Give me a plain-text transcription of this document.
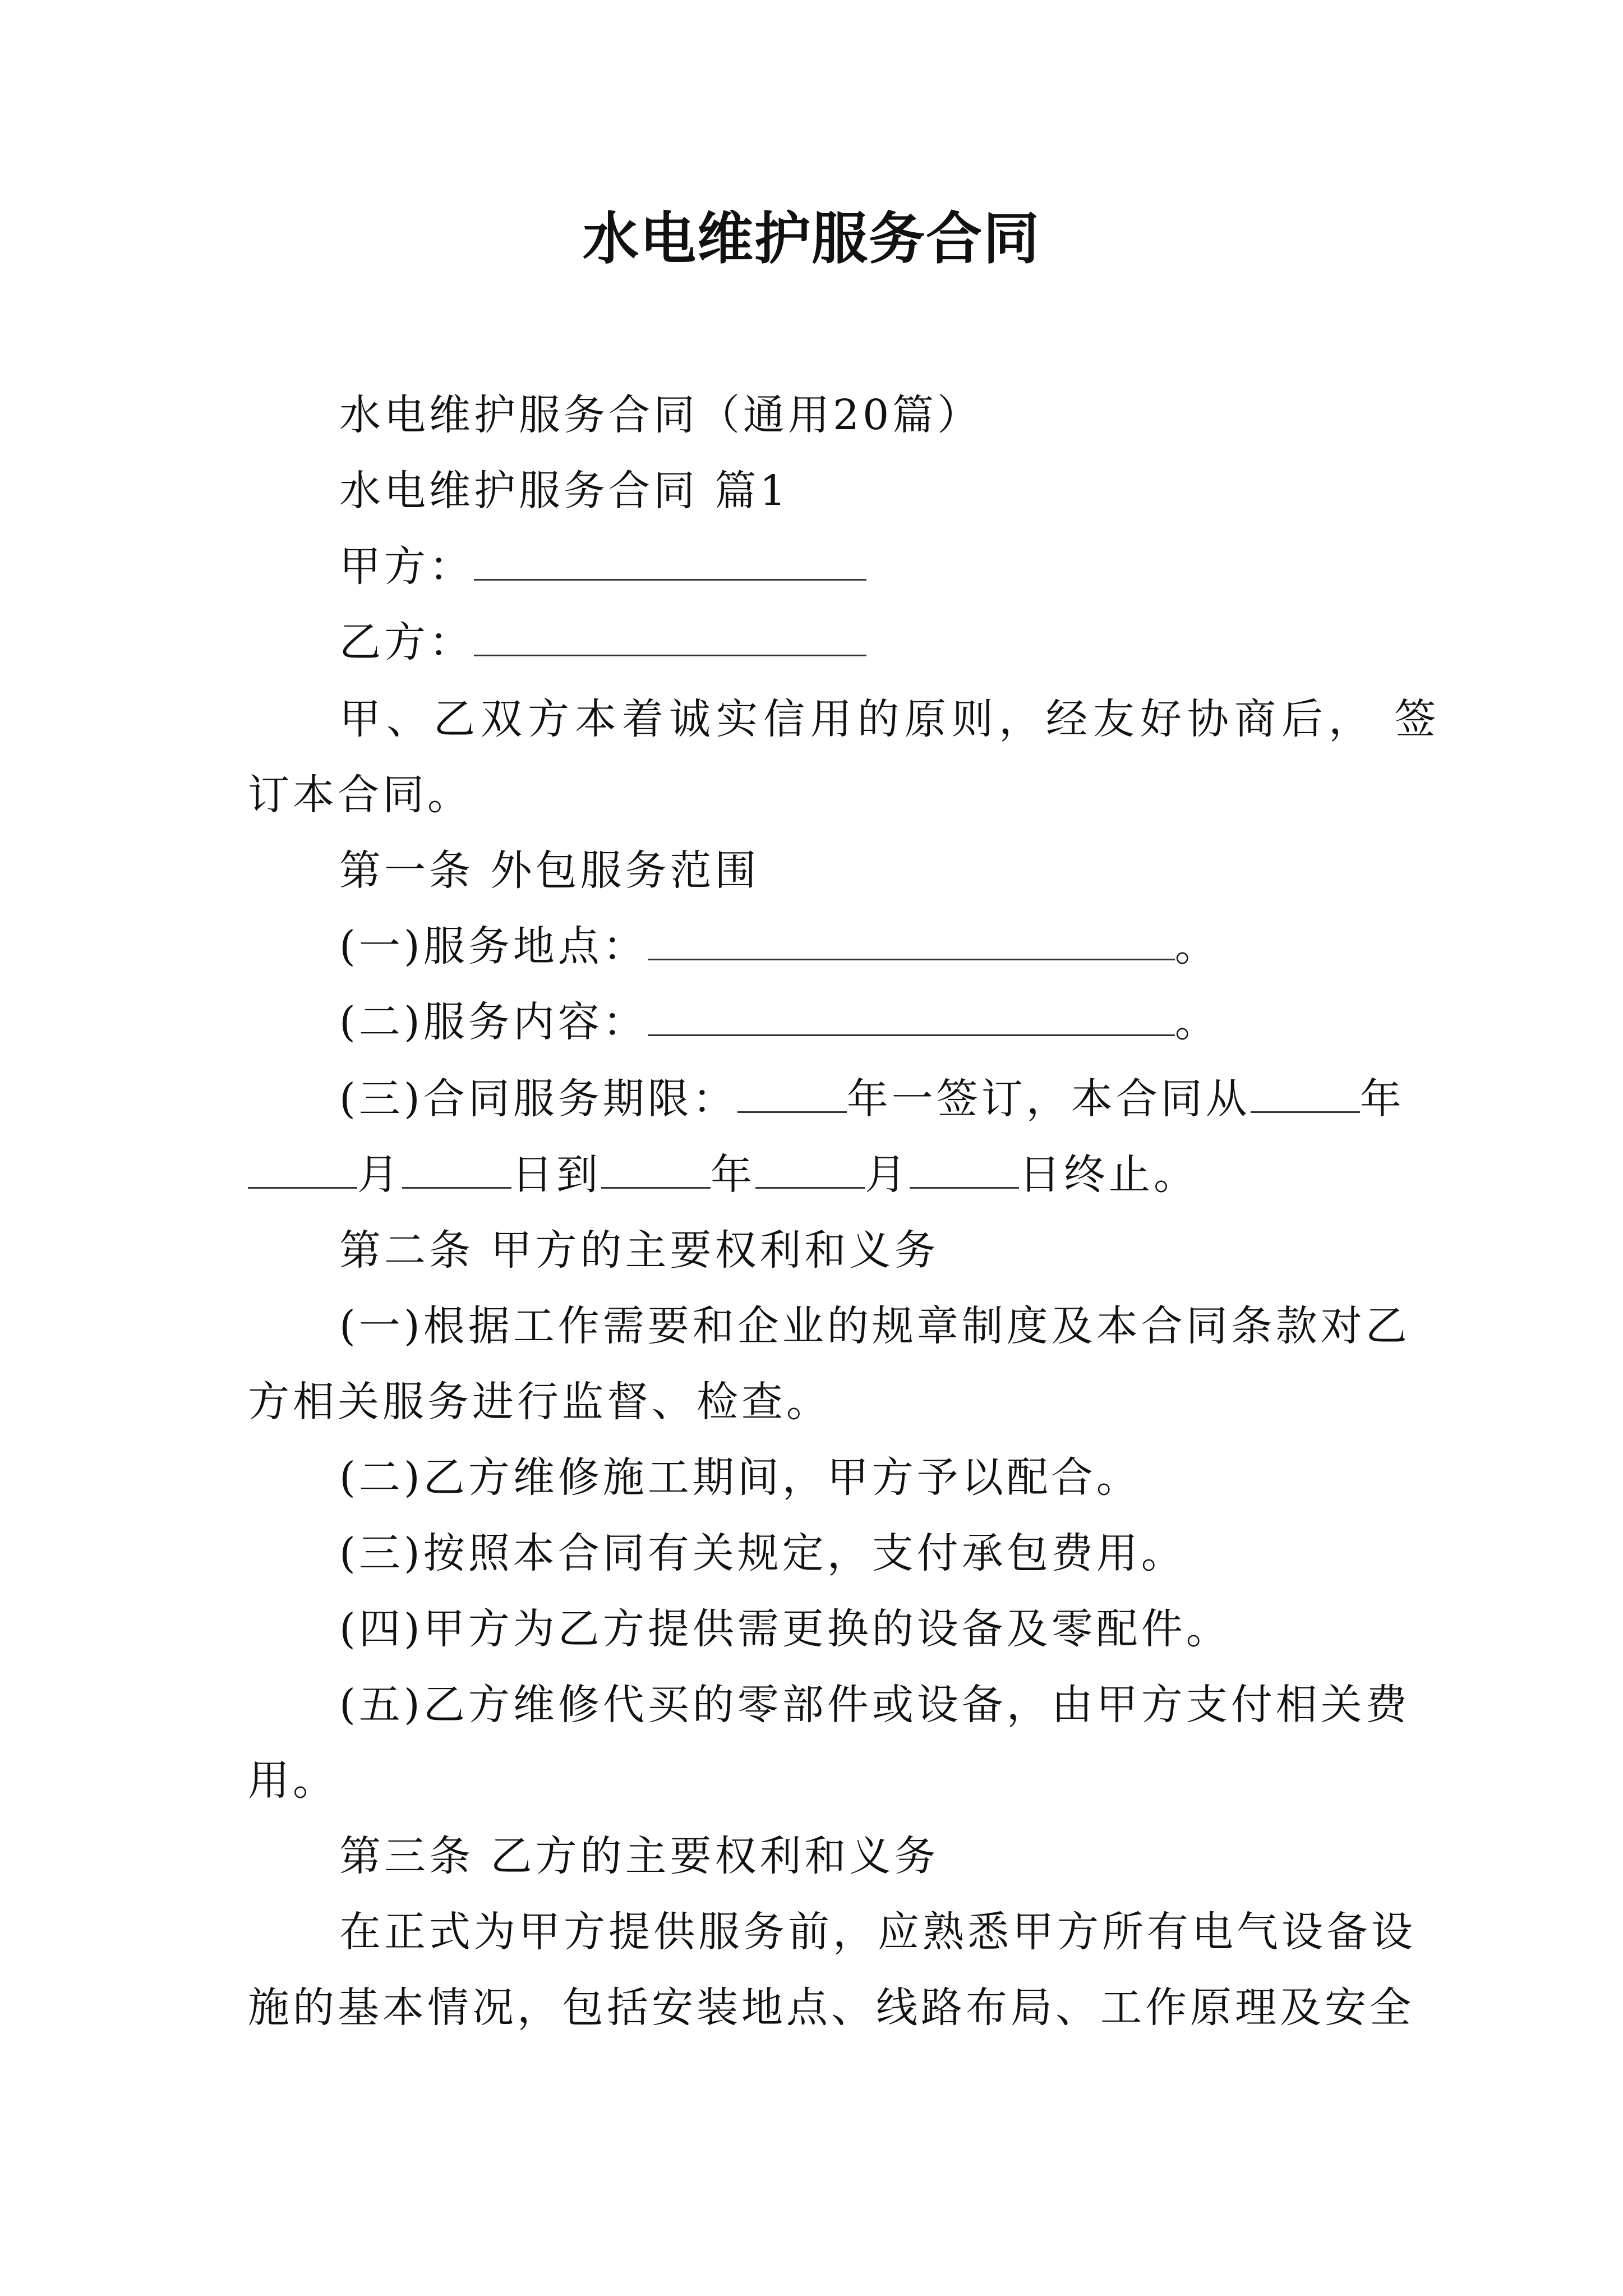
水电维护服务合同
水电维护服务合同（通用20篇）
水电维护服务合同 篇1
甲方：
乙方：
甲、乙双方本着诚实信用的原则，经友好协商后， 签
订本合同。
第一条 外包服务范围
(一)服务地点：	。
(二)服务内容：	。
(三)合同服务期限：	年一签订，本合同从	年
月	日到	年	月	日终止。
第二条 甲方的主要权利和义务
(一)根据工作需要和企业的规章制度及本合同条款对乙
方相关服务进行监督、检查。
(二)乙方维修施工期间，甲方予以配合。
(三)按照本合同有关规定，支付承包费用。
(四)甲方为乙方提供需更换的设备及零配件。
(五)乙方维修代买的零部件或设备，由甲方支付相关费
用。
第三条 乙方的主要权利和义务
在正式为甲方提供服务前，应熟悉甲方所有电气设备设
施的基本情况，包括安装地点、线路布局、工作原理及安全
